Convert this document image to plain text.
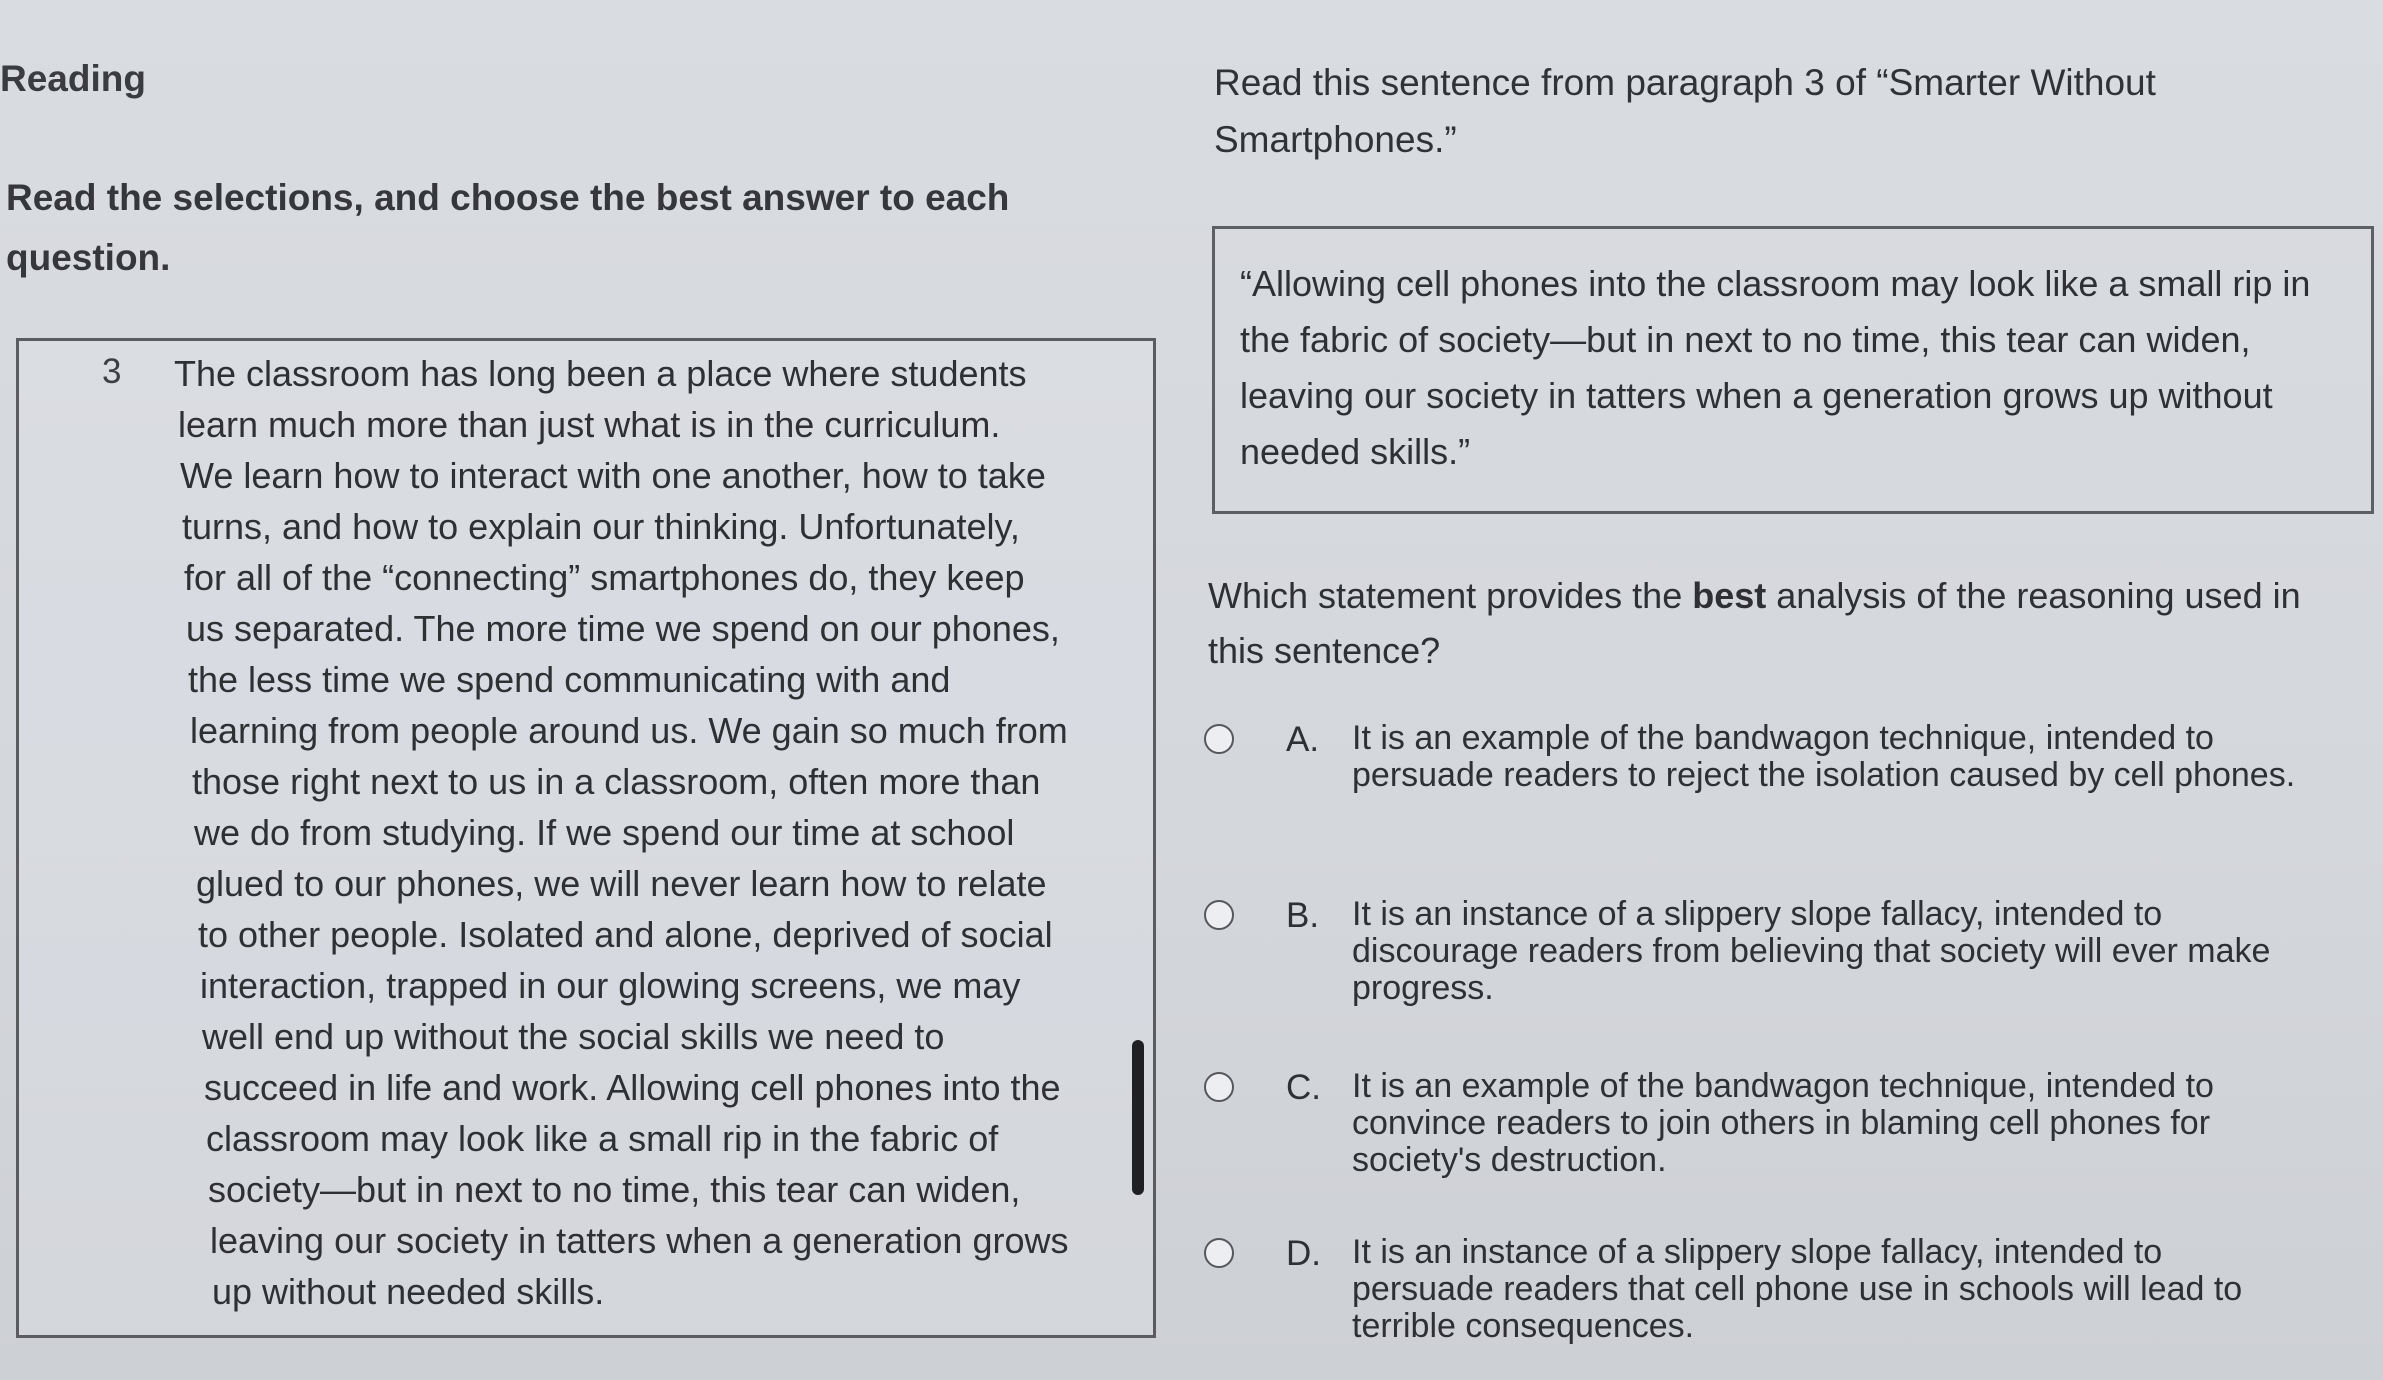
Reading
Read the selections, and choose the best answer to each question.
3 The classroom has long been a place where students
learn much more than just what is in the curriculum.
We learn how to interact with one another, how to take
turns, and how to explain our thinking. Unfortunately,
for all of the “connecting” smartphones do, they keep
us separated. The more time we spend on our phones,
the less time we spend communicating with and
learning from people around us. We gain so much from
those right next to us in a classroom, often more than
we do from studying. If we spend our time at school
glued to our phones, we will never learn how to relate
to other people. Isolated and alone, deprived of social
interaction, trapped in our glowing screens, we may
well end up without the social skills we need to
succeed in life and work. Allowing cell phones into the
classroom may look like a small rip in the fabric of
society—but in next to no time, this tear can widen,
leaving our society in tatters when a generation grows
up without needed skills.
Read this sentence from paragraph 3 of “Smarter Without Smartphones.”
“Allowing cell phones into the classroom may look like a small rip in the fabric of society—but in next to no time, this tear can widen, leaving our society in tatters when a generation grows up without needed skills.”
Which statement provides the best analysis of the reasoning used in this sentence?
A. It is an example of the bandwagon technique, intended to persuade readers to reject the isolation caused by cell phones.
B. It is an instance of a slippery slope fallacy, intended to discourage readers from believing that society will ever make progress.
C. It is an example of the bandwagon technique, intended to convince readers to join others in blaming cell phones for society's destruction.
D. It is an instance of a slippery slope fallacy, intended to persuade readers that cell phone use in schools will lead to terrible consequences.
